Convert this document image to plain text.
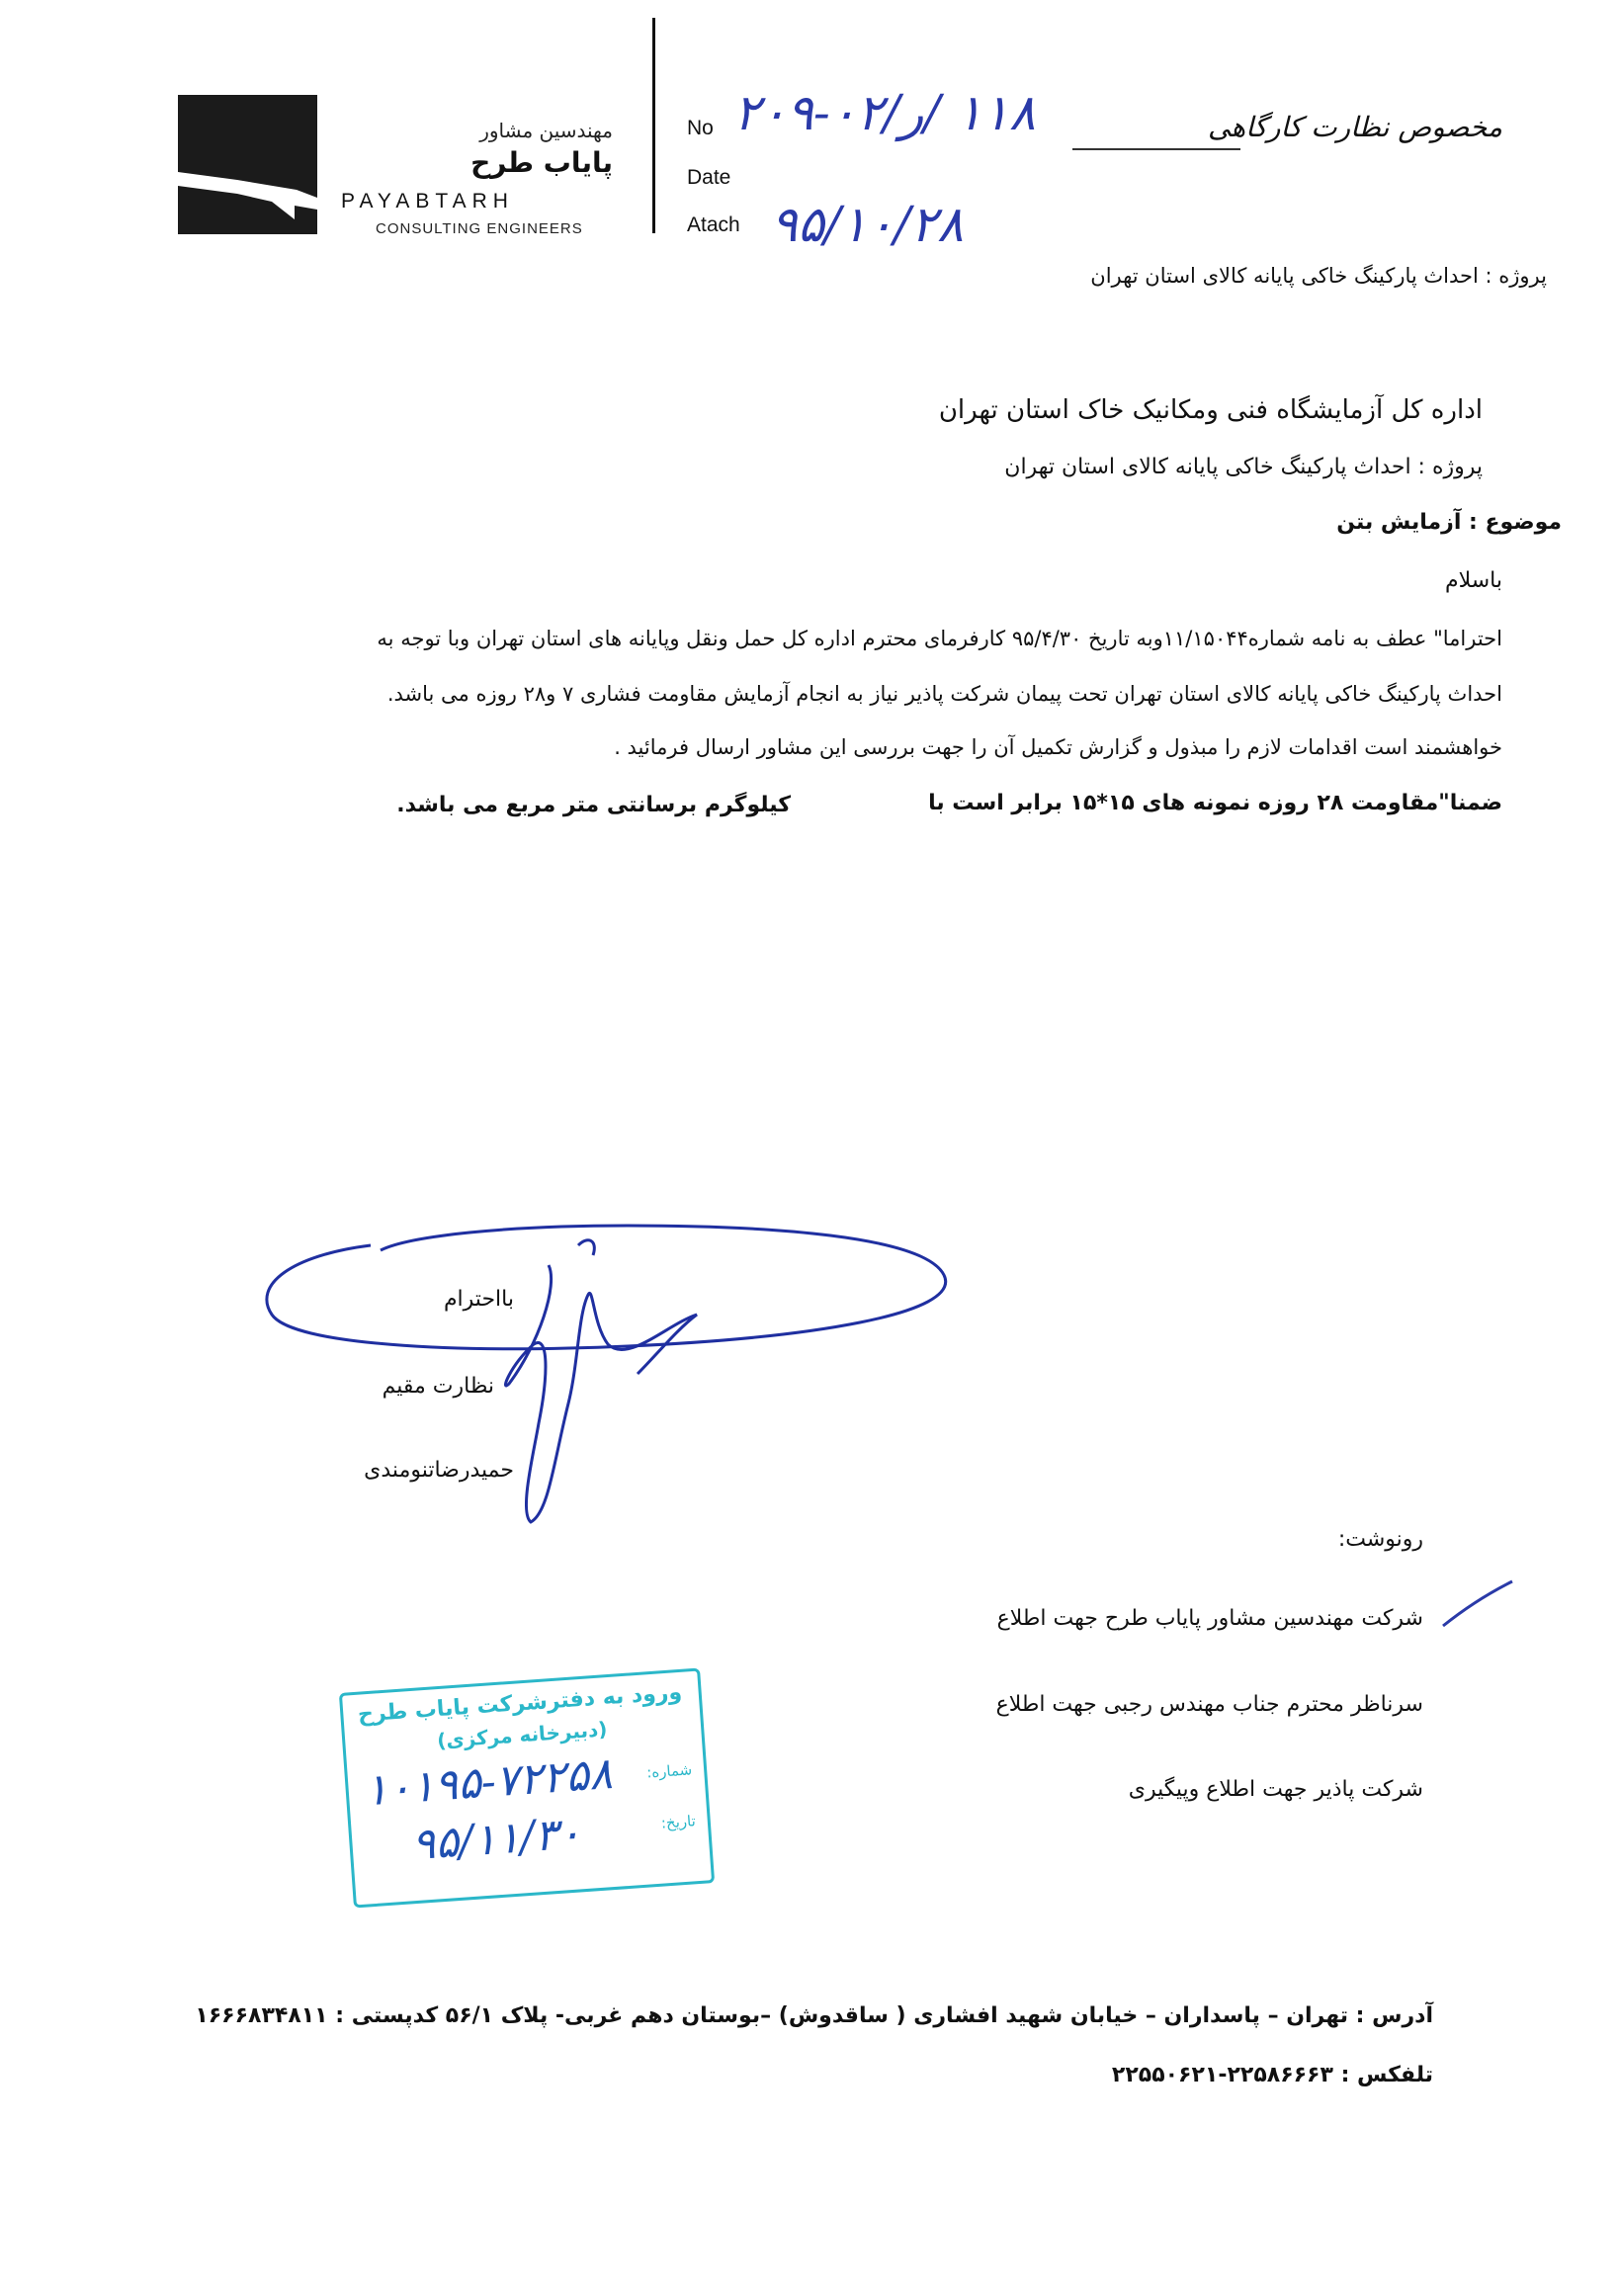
مهندسین مشاور
پایاب طرح
PAYABTARH
CONSULTING ENGINEERS
No
Date
Atach
۱۱۸ /ر/۰۲-۲۰۹
۹۵/۱۰/۲۸
مخصوص نظارت کارگاهی
پروژه : احداث پارکینگ خاکی پایانه کالای استان تهران
اداره کل آزمایشگاه فنی ومکانیک خاک استان تهران
پروژه : احداث پارکینگ خاکی پایانه کالای استان تهران
موضوع : آزمایش بتن
باسلام
احتراما" عطف به نامه شماره۱۱/۱۵۰۴۴وبه تاریخ ۹۵/۴/۳۰ کارفرمای محترم اداره کل حمل ونقل وپایانه های استان تهران وبا توجه به
احداث پارکینگ خاکی پایانه کالای استان تهران تحت پیمان شرکت پاذیر نیاز به انجام آزمایش مقاومت فشاری ۷ و۲۸ روزه می باشد.
خواهشمند است اقدامات لازم را مبذول و گزارش تکمیل آن را جهت بررسی این مشاور ارسال فرمائید .
ضمنا"مقاومت ۲۸ روزه نمونه های ۱۵*۱۵ برابر است با
کیلوگرم برسانتی متر مربع می باشد.
بااحترام
نظارت مقیم
حمیدرضاتنومندی
رونوشت:
شرکت مهندسین مشاور پایاب طرح جهت اطلاع
سرناظر محترم جناب مهندس رجبی جهت اطلاع
شرکت پاذیر جهت اطلاع وپیگیری
ورود به دفترشرکت پایاب طرح
(دبیرخانه مرکزی)
شماره:
تاریخ:
۱۰۱۹۵-۷۲۲۵۸
۹۵/۱۱/۳۰
آدرس : تهران – پاسداران – خیابان شهید افشاری ( ساقدوش) –بوستان دهم غربی- پلاک ۵۶/۱ کدپستی : ۱۶۶۶۸۳۴۸۱۱
تلفکس : ۲۲۵۸۶۶۶۳-۲۲۵۵۰۶۲۱
